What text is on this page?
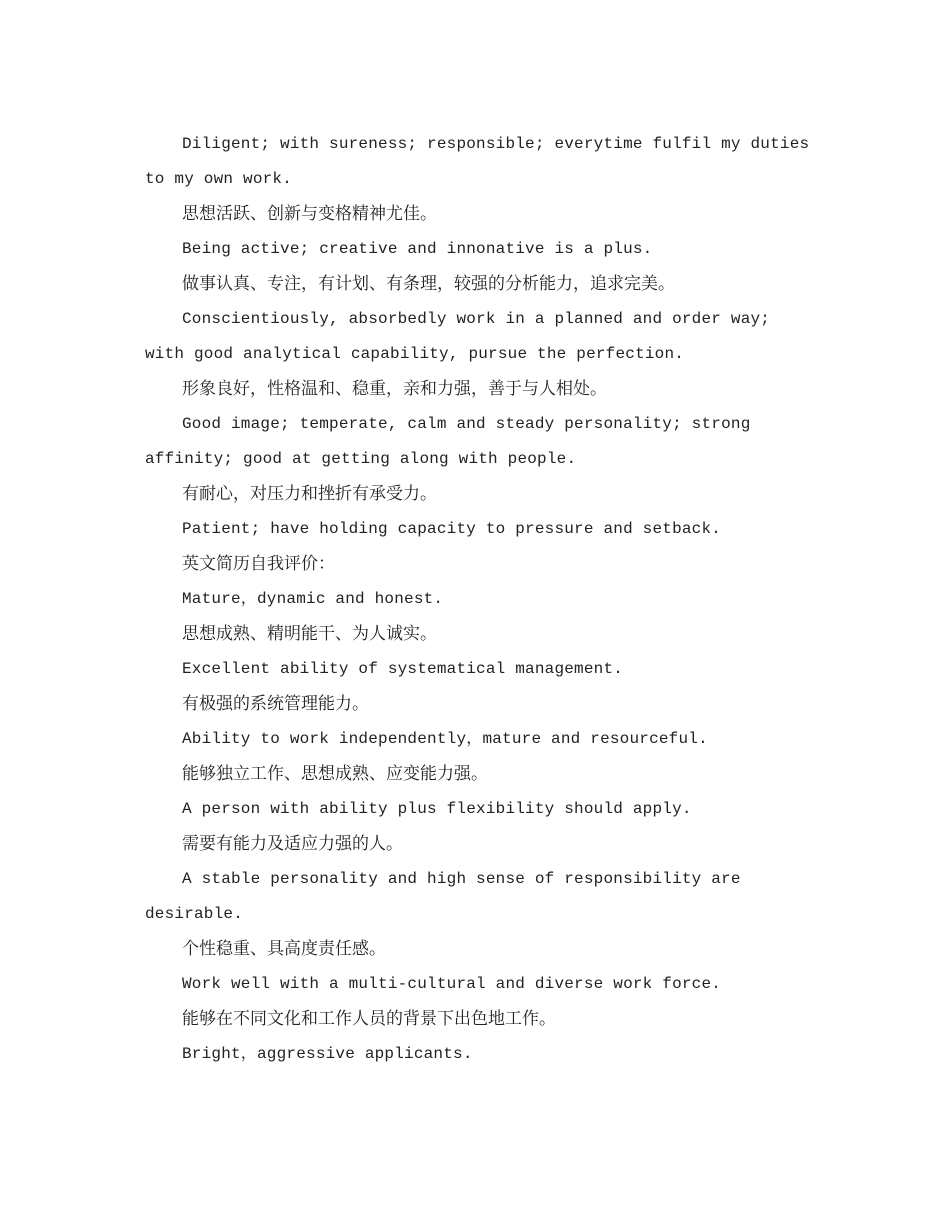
Diligent; with sureness; responsible; everytime fulfil my duties to my own work.

思想活跃、创新与变格精神尤佳。

Being active; creative and innonative is a plus.

做事认真、专注，有计划、有条理，较强的分析能力，追求完美。

Conscientiously, absorbedly work in a planned and order way; with good analytical capability, pursue the perfection.

形象良好，性格温和、稳重，亲和力强，善于与人相处。

Good image; temperate, calm and steady personality; strong affinity; good at getting along with people.

有耐心，对压力和挫折有承受力。

Patient; have holding capacity to pressure and setback.

英文简历自我评价：

Mature，dynamic and honest.

思想成熟、精明能干、为人诚实。

Excellent ability of systematical management.

有极强的系统管理能力。

Ability to work independently，mature and resourceful.

能够独立工作、思想成熟、应变能力强。

A person with ability plus flexibility should apply.

需要有能力及适应力强的人。

A stable personality and high sense of responsibility are desirable.

个性稳重、具高度责任感。

Work well with a multi-cultural and diverse work force.

能够在不同文化和工作人员的背景下出色地工作。

Bright，aggressive applicants.
